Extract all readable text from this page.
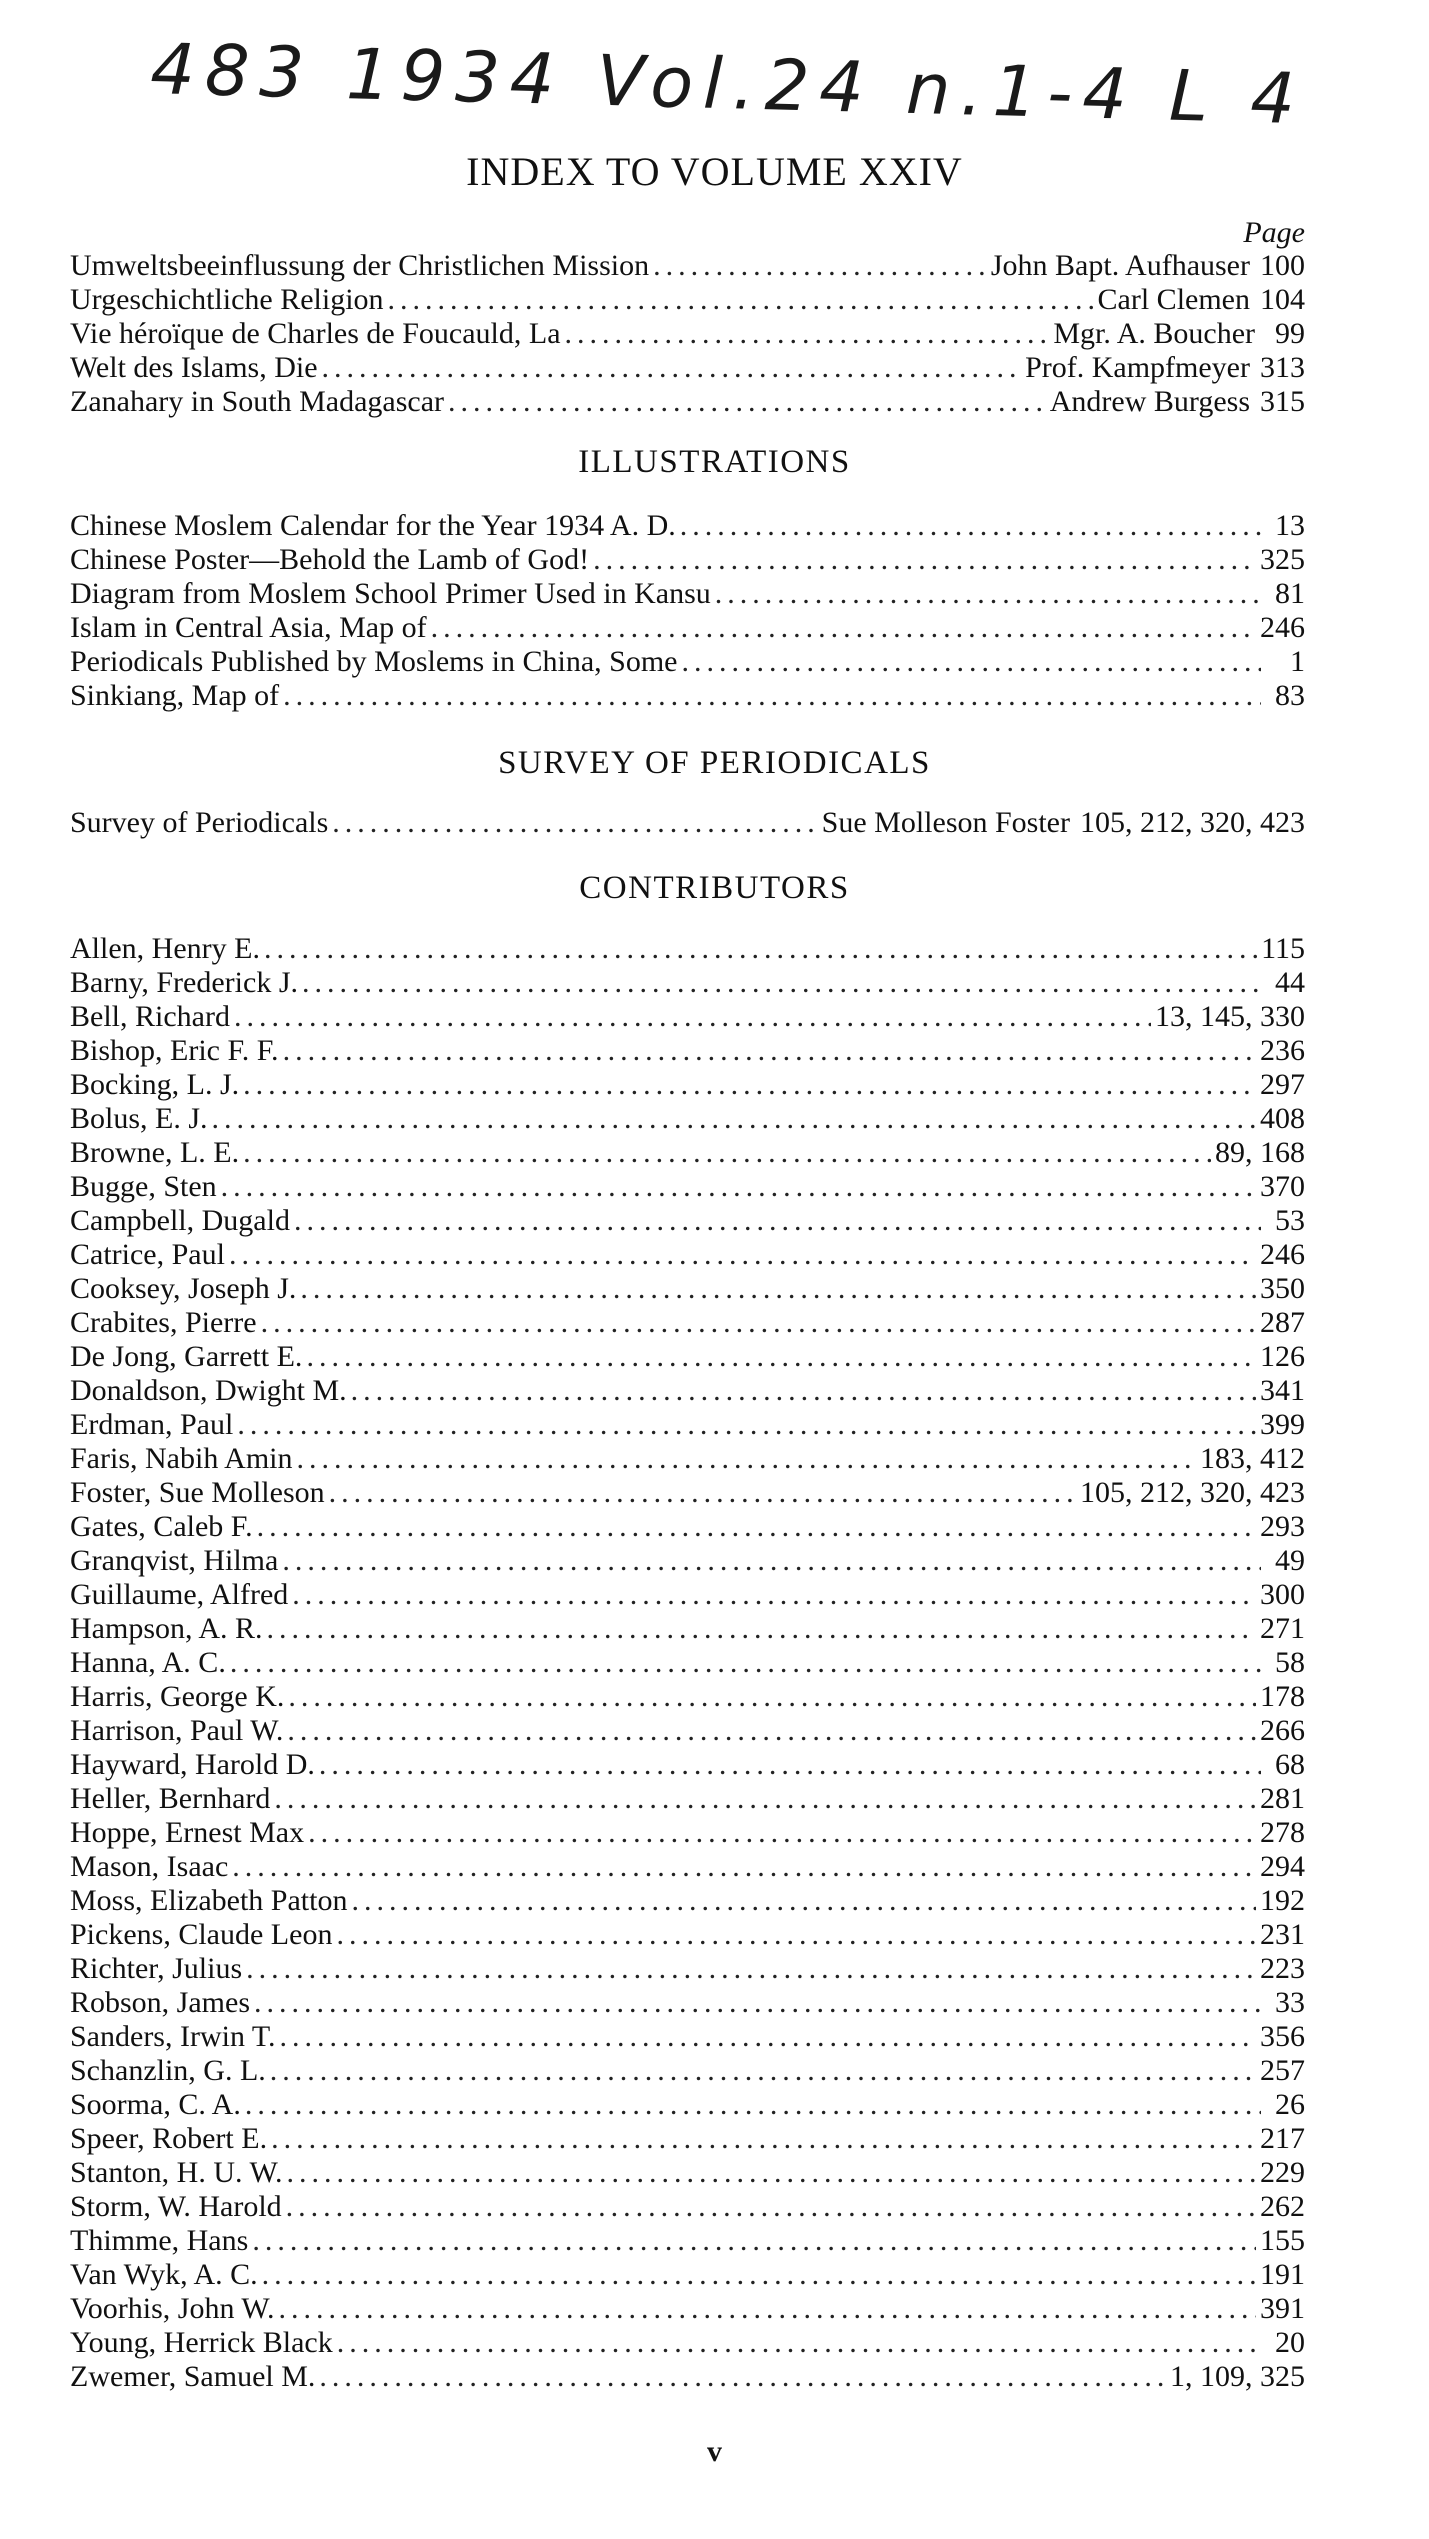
483 1934 Vol.24 n.1-4 L 4
INDEX TO VOLUME XXIV
Page
Umweltsbeeinflussung der Christlichen Mission .....	John Bapt. Aufhauser 100
Urgeschichtliche Religion .....	Carl Clemen 104
Vie héroïque de Charles de Foucauld, La .....	Mgr. A. Boucher 99
Welt des Islams, Die .....	Prof. Kampfmeyer 313
Zanahary in South Madagascar .....	Andrew Burgess 315
ILLUSTRATIONS
Chinese Moslem Calendar for the Year 1934 A. D. .....	13
Chinese Poster—Behold the Lamb of God! .....	325
Diagram from Moslem School Primer Used in Kansu .....	81
Islam in Central Asia, Map of .....	246
Periodicals Published by Moslems in China, Some .....	1
Sinkiang, Map of .....	83
SURVEY OF PERIODICALS
Survey of Periodicals .....	Sue Molleson Foster 105, 212, 320, 423
CONTRIBUTORS
Allen, Henry E. .....	115
Barny, Frederick J. .....	44
Bell, Richard .....	13, 145, 330
Bishop, Eric F. F. .....	236
Bocking, L. J. .....	297
Bolus, E. J. .....	408
Browne, L. E. .....	89, 168
Bugge, Sten .....	370
Campbell, Dugald .....	53
Catrice, Paul .....	246
Cooksey, Joseph J. .....	350
Crabites, Pierre .....	287
De Jong, Garrett E. .....	126
Donaldson, Dwight M. .....	341
Erdman, Paul .....	399
Faris, Nabih Amin .....	183, 412
Foster, Sue Molleson .....	105, 212, 320, 423
Gates, Caleb F. .....	293
Granqvist, Hilma .....	49
Guillaume, Alfred .....	300
Hampson, A. R. .....	271
Hanna, A. C. .....	58
Harris, George K. .....	178
Harrison, Paul W. .....	266
Hayward, Harold D. .....	68
Heller, Bernhard .....	281
Hoppe, Ernest Max .....	278
Mason, Isaac .....	294
Moss, Elizabeth Patton .....	192
Pickens, Claude Leon .....	231
Richter, Julius .....	223
Robson, James .....	33
Sanders, Irwin T. .....	356
Schanzlin, G. L. .....	257
Soorma, C. A. .....	26
Speer, Robert E. .....	217
Stanton, H. U. W. .....	229
Storm, W. Harold .....	262
Thimme, Hans .....	155
Van Wyk, A. C. .....	191
Voorhis, John W. .....	391
Young, Herrick Black .....	20
Zwemer, Samuel M. .....	1, 109, 325
v
